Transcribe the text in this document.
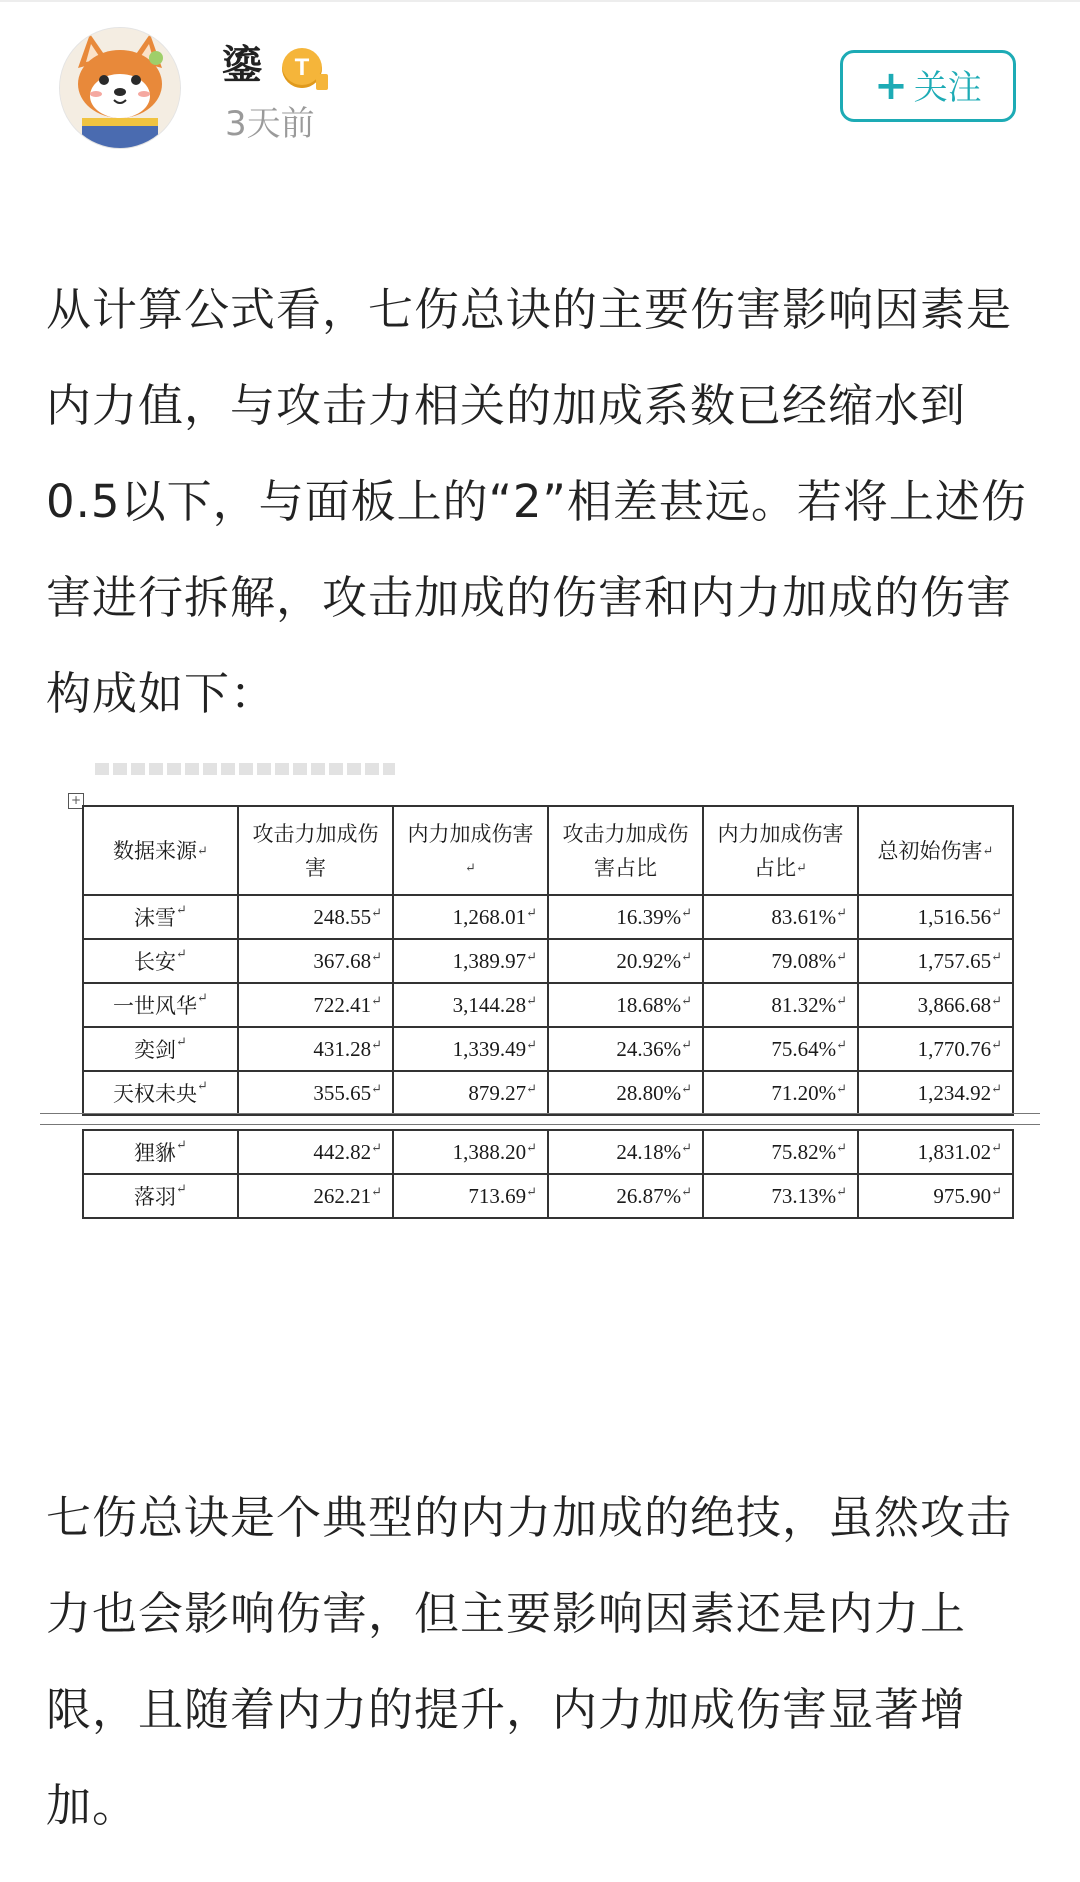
鎏	T
3天前
+ 关注

从计算公式看，七伤总诀的主要伤害影响因素是内力值，与攻击力相关的加成系数已经缩水到0.5以下，与面板上的“2”相差甚远。若将上述伤害进行拆解，攻击加成的伤害和内力加成的伤害构成如下：

+
数据来源 ↵	攻击力加成伤害	内力加成伤害 ↵	攻击力加成伤害占比	内力加成伤害占比 ↵	总初始伤害 ↵
沫雪 ↵	248.55 ↵	1,268.01 ↵	16.39% ↵	83.61% ↵	1,516.56 ↵
长安 ↵	367.68 ↵	1,389.97 ↵	20.92% ↵	79.08% ↵	1,757.65 ↵
一世风华 ↵	722.41 ↵	3,144.28 ↵	18.68% ↵	81.32% ↵	3,866.68 ↵
奕剑 ↵	431.28 ↵	1,339.49 ↵	24.36% ↵	75.64% ↵	1,770.76 ↵
天权未央 ↵	355.65 ↵	879.27 ↵	28.80% ↵	71.20% ↵	1,234.92 ↵
狸貅 ↵	442.82 ↵	1,388.20 ↵	24.18% ↵	75.82% ↵	1,831.02 ↵
落羽 ↵	262.21 ↵	713.69 ↵	26.87% ↵	73.13% ↵	975.90 ↵

七伤总诀是个典型的内力加成的绝技，虽然攻击力也会影响伤害，但主要影响因素还是内力上限，且随着内力的提升，内力加成伤害显著增加。
